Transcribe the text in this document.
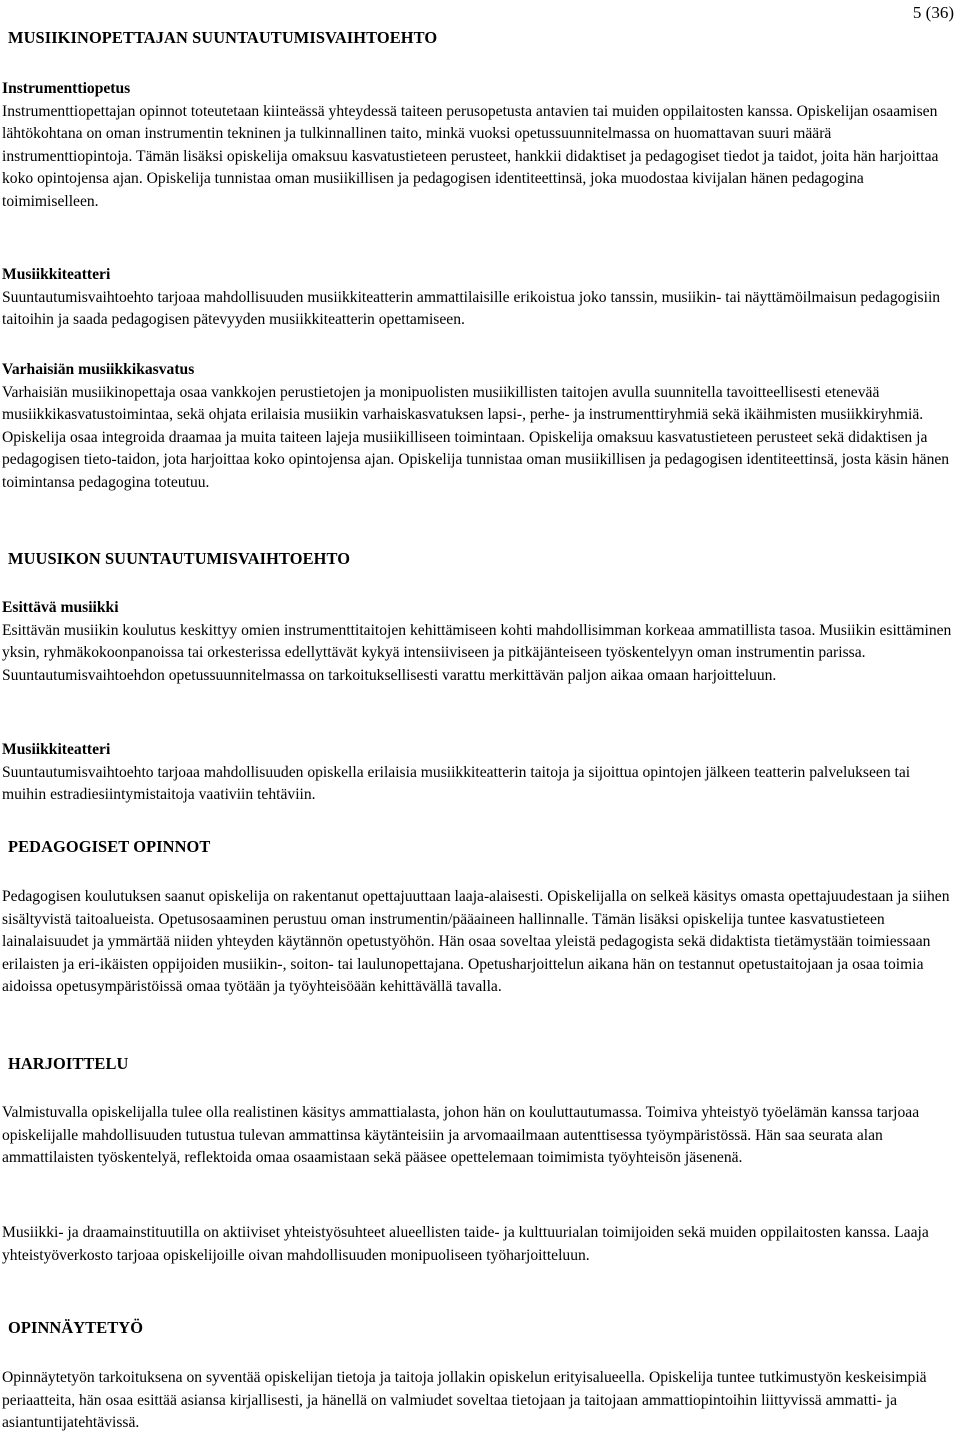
5 (36)
MUSIIKINOPETTAJAN SUUNTAUTUMISVAIHTOEHTO

Instrumenttiopetus

Instrumenttiopettajan opinnot toteutetaan kiinteässä yhteydessä taiteen perusopetusta antavien tai muiden oppilaitosten kanssa. Opiskelijan osaamisen lähtökohtana on oman instrumentin tekninen ja tulkinnallinen taito, minkä vuoksi opetussuunnitelmassa on huomattavan suuri määrä instrumenttiopintoja. Tämän lisäksi opiskelija omaksuu kasvatustieteen perusteet, hankkii didaktiset ja pedagogiset tiedot ja taidot, joita hän harjoittaa koko opintojensa ajan. Opiskelija tunnistaa oman musiikillisen ja pedagogisen identiteettinsä, joka muodostaa kivijalan hänen pedagogina toimimiselleen.

Musiikkiteatteri

Suuntautumisvaihtoehto tarjoaa mahdollisuuden musiikkiteatterin ammattilaisille erikoistua joko tanssin, musiikin- tai näyttämöilmaisun pedagogisiin taitoihin ja saada pedagogisen pätevyyden musiikkiteatterin opettamiseen.

Varhaisiän musiikkikasvatus

Varhaisiän musiikinopettaja osaa vankkojen perustietojen ja monipuolisten musiikillisten taitojen avulla suunnitella tavoitteellisesti etenevää musiikkikasvatustoimintaa, sekä ohjata erilaisia musiikin varhaiskasvatuksen lapsi-, perhe- ja instrumenttiryhmiä sekä ikäihmisten musiikkiryhmiä. Opiskelija osaa integroida draamaa ja muita taiteen lajeja musiikilliseen toimintaan. Opiskelija omaksuu kasvatustieteen perusteet sekä didaktisen ja pedagogisen tieto-taidon, jota harjoittaa koko opintojensa ajan. Opiskelija tunnistaa oman musiikillisen ja pedagogisen identiteettinsä, josta käsin hänen toimintansa pedagogina toteutuu.

MUUSIKON SUUNTAUTUMISVAIHTOEHTO

Esittävä musiikki

Esittävän musiikin koulutus keskittyy omien instrumenttitaitojen kehittämiseen kohti mahdollisimman korkeaa ammatillista tasoa. Musiikin esittäminen yksin, ryhmäkokoonpanoissa tai orkesterissa edellyttävät kykyä intensiiviseen ja pitkäjänteiseen työskentelyyn oman instrumentin parissa. Suuntautumisvaihtoehdon opetussuunnitelmassa on tarkoituksellisesti varattu merkittävän paljon aikaa omaan harjoitteluun.

Musiikkiteatteri

Suuntautumisvaihtoehto tarjoaa mahdollisuuden opiskella erilaisia musiikkiteatterin taitoja ja sijoittua opintojen jälkeen teatterin palvelukseen tai muihin estradiesiintymistaitoja vaativiin tehtäviin.

PEDAGOGISET OPINNOT

Pedagogisen koulutuksen saanut opiskelija on rakentanut opettajuuttaan laaja-alaisesti. Opiskelijalla on selkeä käsitys omasta opettajuudestaan ja siihen sisältyvistä taitoalueista. Opetusosaaminen perustuu oman instrumentin/pääaineen hallinnalle. Tämän lisäksi opiskelija tuntee kasvatustieteen lainalaisuudet ja ymmärtää niiden yhteyden käytännön opetustyöhön. Hän osaa soveltaa yleistä pedagogista sekä didaktista tietämystään toimiessaan erilaisten ja eri-ikäisten oppijoiden musiikin-, soiton- tai laulunopettajana. Opetusharjoittelun aikana hän on testannut opetustaitojaan ja osaa toimia aidoissa opetusympäristöissä omaa työtään ja työyhteisöään kehittävällä tavalla.

HARJOITTELU

Valmistuvalla opiskelijalla tulee olla realistinen käsitys ammattialasta, johon hän on kouluttautumassa. Toimiva yhteistyö työelämän kanssa tarjoaa opiskelijalle mahdollisuuden tutustua tulevan ammattinsa käytänteisiin ja arvomaailmaan autenttisessa työympäristössä. Hän saa seurata alan ammattilaisten työskentelyä, reflektoida omaa osaamistaan sekä pääsee opettelemaan toimimista työyhteisön jäsenenä.

Musiikki- ja draamainstituutilla on aktiiviset yhteistyösuhteet alueellisten taide- ja kulttuurialan toimijoiden sekä muiden oppilaitosten kanssa. Laaja yhteistyöverkosto tarjoaa opiskelijoille oivan mahdollisuuden monipuoliseen työharjoitteluun.

OPINNÄYTETYÖ

Opinnäytetyön tarkoituksena on syventää opiskelijan tietoja ja taitoja jollakin opiskelun erityisalueella. Opiskelija tuntee tutkimustyön keskeisimpiä periaatteita, hän osaa esittää asiansa kirjallisesti, ja hänellä on valmiudet soveltaa tietojaan ja taitojaan ammattiopintoihin liittyvissä ammatti- ja asiantuntijatehtävissä.
